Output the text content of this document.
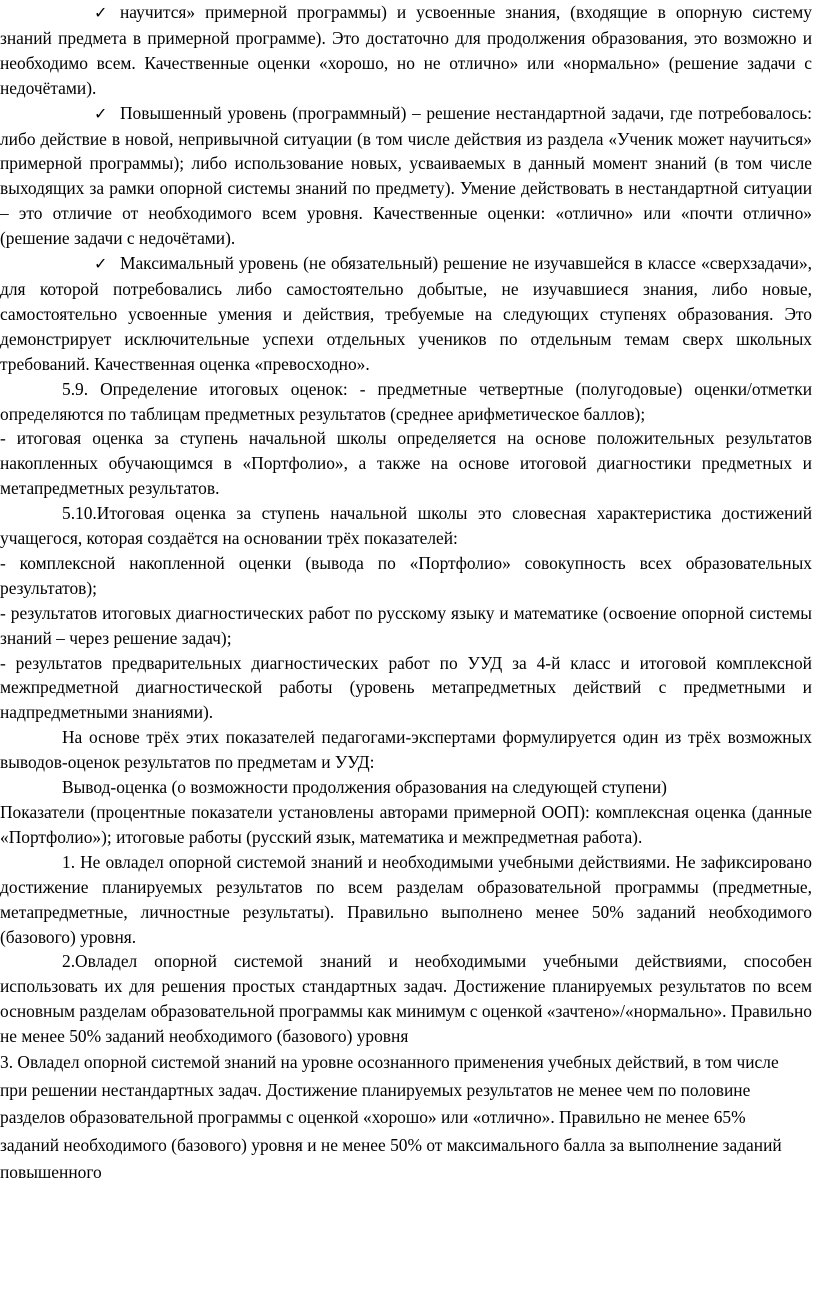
✓ научится» примерной программы) и усвоенные знания, (входящие в опорную систему знаний предмета в примерной программе). Это достаточно для продолжения образования, это возможно и необходимо всем. Качественные оценки «хорошо, но не отлично» или «нормально» (решение задачи с недочётами).

✓ Повышенный уровень (программный) – решение нестандартной задачи, где потребовалось: либо действие в новой, непривычной ситуации (в том числе действия из раздела «Ученик может научиться» примерной программы); либо использование новых, усваиваемых в данный момент знаний (в том числе выходящих за рамки опорной системы знаний по предмету). Умение действовать в нестандартной ситуации – это отличие от необходимого всем уровня. Качественные оценки: «отлично» или «почти отлично» (решение задачи с недочётами).

✓ Максимальный уровень (не обязательный) решение не изучавшейся в классе «сверхзадачи», для которой потребовались либо самостоятельно добытые, не изучавшиеся знания, либо новые, самостоятельно усвоенные умения и действия, требуемые на следующих ступенях образования. Это демонстрирует исключительные успехи отдельных учеников по отдельным темам сверх школьных требований. Качественная оценка «превосходно».

5.9. Определение итоговых оценок: - предметные четвертные (полугодовые) оценки/отметки определяются по таблицам предметных результатов (среднее арифметическое баллов);

- итоговая оценка за ступень начальной школы определяется на основе положительных результатов накопленных обучающимся в «Портфолио», а также на основе итоговой диагностики предметных и метапредметных результатов.

5.10.Итоговая оценка за ступень начальной школы это словесная характеристика достижений учащегося, которая создаётся на основании трёх показателей:

- комплексной накопленной оценки (вывода по «Портфолио» совокупность всех образовательных результатов);

- результатов итоговых диагностических работ по русскому языку и математике (освоение опорной системы знаний – через решение задач);

- результатов предварительных диагностических работ по УУД за 4-й класс и итоговой комплексной межпредметной диагностической работы (уровень метапредметных действий с предметными и надпредметными знаниями).

На основе трёх этих показателей педагогами-экспертами формулируется один из трёх возможных выводов-оценок результатов по предметам и УУД:

Вывод-оценка (о возможности продолжения образования на следующей ступени)

Показатели (процентные показатели установлены авторами примерной ООП): комплексная оценка (данные «Портфолио»); итоговые работы (русский язык, математика и межпредметная работа).

1. Не овладел опорной системой знаний и необходимыми учебными действиями. Не зафиксировано достижение планируемых результатов по всем разделам образовательной программы (предметные, метапредметные, личностные результаты). Правильно выполнено менее 50% заданий необходимого (базового) уровня.

2.Овладел опорной системой знаний и необходимыми учебными действиями, способен использовать их для решения простых стандартных задач. Достижение планируемых результатов по всем основным разделам образовательной программы как минимум с оценкой «зачтено»/«нормально». Правильно не менее 50% заданий необходимого (базового) уровня

3. Овладел опорной системой знаний на уровне осознанного применения учебных действий, в том числе при решении нестандартных задач. Достижение планируемых результатов не менее чем по половине разделов образовательной программы с оценкой «хорошо» или «отлично». Правильно не менее 65% заданий необходимого (базового) уровня и не менее 50% от максимального балла за выполнение заданий повышенного
